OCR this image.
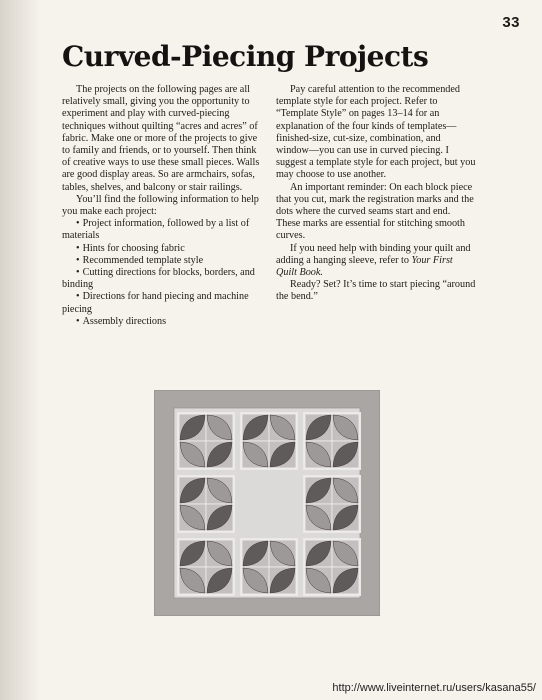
33
Curved-Piecing Projects

The projects on the following pages are all relatively small, giving you the opportunity to experiment and play with curved-piecing techniques without quilting “acres and acres” of fabric. Make one or more of the projects to give to family and friends, or to yourself. Then think of creative ways to use these small pieces. Walls are good display areas. So are armchairs, sofas, tables, shelves, and balcony or stair railings.

You’ll find the following information to help you make each project:

• Project information, followed by a list of materials
• Hints for choosing fabric
• Recommended template style
• Cutting directions for blocks, borders, and binding
• Directions for hand piecing and machine piecing
• Assembly directions

Pay careful attention to the recommended template style for each project. Refer to “Template Style” on pages 13–14 for an explanation of the four kinds of templates—finished-size, cut-size, combination, and window—you can use in curved piecing. I suggest a template style for each project, but you may choose to use another.

An important reminder: On each block piece that you cut, mark the registration marks and the dots where the curved seams start and end. These marks are essential for stitching smooth curves.

If you need help with binding your quilt and adding a hanging sleeve, refer to Your First Quilt Book.

Ready? Set? It’s time to start piecing “around the bend.”

http://www.liveinternet.ru/users/kasana55/
